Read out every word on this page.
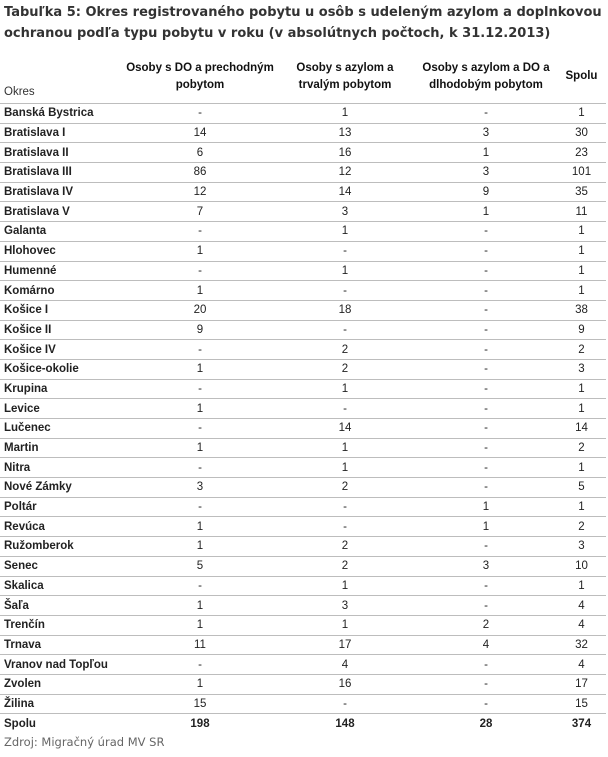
Tabuľka 5: Okres registrovaného pobytu u osôb s udeleným azylom a doplnkovou ochranou podľa typu pobytu v roku (v absolútnych počtoch, k 31.12.2013)
Okres	Osoby s DO a prechodným pobytom	Osoby s azylom a trvalým pobytom	Osoby s azylom a DO a dlhodobým pobytom	Spolu
Banská Bystrica	-	1	-	1
Bratislava I	14	13	3	30
Bratislava II	6	16	1	23
Bratislava III	86	12	3	101
Bratislava IV	12	14	9	35
Bratislava V	7	3	1	11
Galanta	-	1	-	1
Hlohovec	1	-	-	1
Humenné	-	1	-	1
Komárno	1	-	-	1
Košice I	20	18	-	38
Košice II	9	-	-	9
Košice IV	-	2	-	2
Košice-okolie	1	2	-	3
Krupina	-	1	-	1
Levice	1	-	-	1
Lučenec	-	14	-	14
Martin	1	1	-	2
Nitra	-	1	-	1
Nové Zámky	3	2	-	5
Poltár	-	-	1	1
Revúca	1	-	1	2
Ružomberok	1	2	-	3
Senec	5	2	3	10
Skalica	-	1	-	1
Šaľa	1	3	-	4
Trenčín	1	1	2	4
Trnava	11	17	4	32
Vranov nad Topľou	-	4	-	4
Zvolen	1	16	-	17
Žilina	15	-	-	15
Spolu	198	148	28	374
Zdroj: Migračný úrad MV SR
